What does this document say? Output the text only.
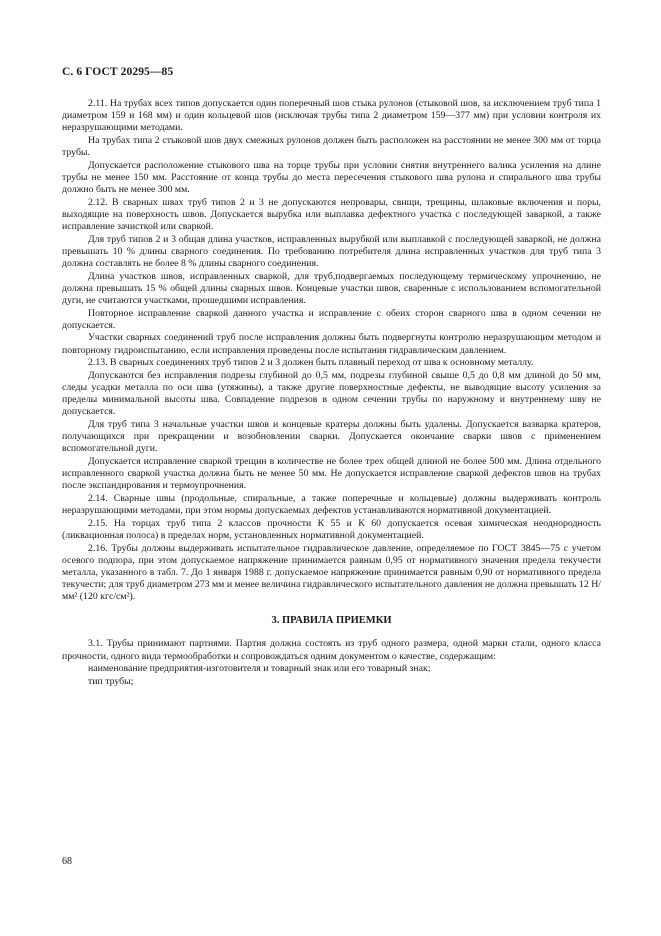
С. 6 ГОСТ 20295—85

2.11. На трубах всех типов допускается один поперечный шов стыка рулонов (стыковой шов, за исключением труб типа 1 диаметром 159 и 168 мм) и один кольцевой шов (исключая трубы типа 2 диаметром 159—377 мм) при условии контроля их неразрушающими методами.

На трубах типа 2 стыковой шов двух смежных рулонов должен быть расположен на расстоянии не менее 300 мм от торца трубы.

Допускается расположение стыкового шва на торце трубы при условии снятия внутреннего валика усиления на длине трубы не менее 150 мм. Расстояние от конца трубы до места пересечения стыкового шва рулона и спирального шва трубы должно быть не менее 300 мм.

2.12. В сварных швах труб типов 2 и 3 не допускаются непровары, свищи, трещины, шлаковые включения и поры, выходящие на поверхность швов. Допускается вырубка или выплавка дефектного участка с последующей заваркой, а также исправление зачисткой или сваркой.

Для труб типов 2 и 3 общая длина участков, исправленных вырубкой или выплавкой с последующей заваркой, не должна превышать 10 % длины сварного соединения. По требованию потребителя длина исправленных участков для труб типа 3 должна составлять не более 8 % длины сварного соединения.

Длина участков швов, исправленных сваркой, для труб,подвергаемых последующему термическому упрочнению, не должна превышать 15 % общей длины сварных швов. Концевые участки швов, сваренные с использованием вспомогательной дуги, не считаются участками, прошедшими исправления.

Повторное исправление сваркой данного участка и исправление с обеих сторон сварного шва в одном сечении не допускается.

Участки сварных соединений труб после исправления должны быть подвергнуты контролю неразрушающим методом и повторному гидроиспытанию, если исправления проведены после испытания гидравлическим давлением.

2.13. В сварных соединениях труб типов 2 и 3 должен быть плавный переход от шва к основному металлу.

Допускаются без исправления подрезы глубиной до 0,5 мм, подрезы глубиной свыше 0,5 до 0,8 мм длиной до 50 мм, следы усадки металла по оси шва (утяжины), а также другие поверхностные дефекты, не выводящие высоту усиления за пределы минимальной высоты шва. Совпадение подрезов в одном сечении трубы по наружному и внутреннему шву не допускается.

Для труб типа 3 начальные участки швов и концевые кратеры должны быть удалены. Допускается вазварка кратеров, получающихся при прекращении и возобновлении сварки. Допускается окончание сварки швов с применением вспомогательной дуги.

Допускается исправление сваркой трещин в количестве не более трех общей длиной не более 500 мм. Длина отдельного исправленного сваркой участка должна быть не менее 50 мм. Не допускается исправление сваркой дефектов швов на трубах после экспандирования и термоупрочнения.

2.14. Сварные швы (продольные, спиральные, а также поперечные и кольцевые) должны выдерживать контроль неразрушающими методами, при этом нормы допускаемых дефектов устанавливаются нормативной документацией.

2.15. На торцах труб типа 2 классов прочности К 55 и К 60 допускается осевая химическая неоднородность (ликвационная полоса) в пределах норм, установленных нормативной документацией.

2.16. Трубы должны выдерживать испытательное гидравлическое давление, определяемое по ГОСТ 3845—75 с учетом осевого подпора, при этом допускаемое напряжение принимается равным 0,95 от нормативного значения предела текучести металла, указанного в табл. 7. До 1 января 1988 г. допускаемое напряжение принимается равным 0,90 от нормативного предела текучести; для труб диаметром 273 мм и менее величина гидравлического испытательного давления не должна превышать 12 Н/мм² (120 кгс/см²).

3. ПРАВИЛА ПРИЕМКИ

3.1. Трубы принимают партиями. Партия должна состоять из труб одного размера, одной марки стали, одного класса прочности, одного вида термообработки и сопровождаться одним документом о качестве, содержащим:

наименование предприятия-изготовителя и товарный знак или его товарный знак;

тип трубы;

68
